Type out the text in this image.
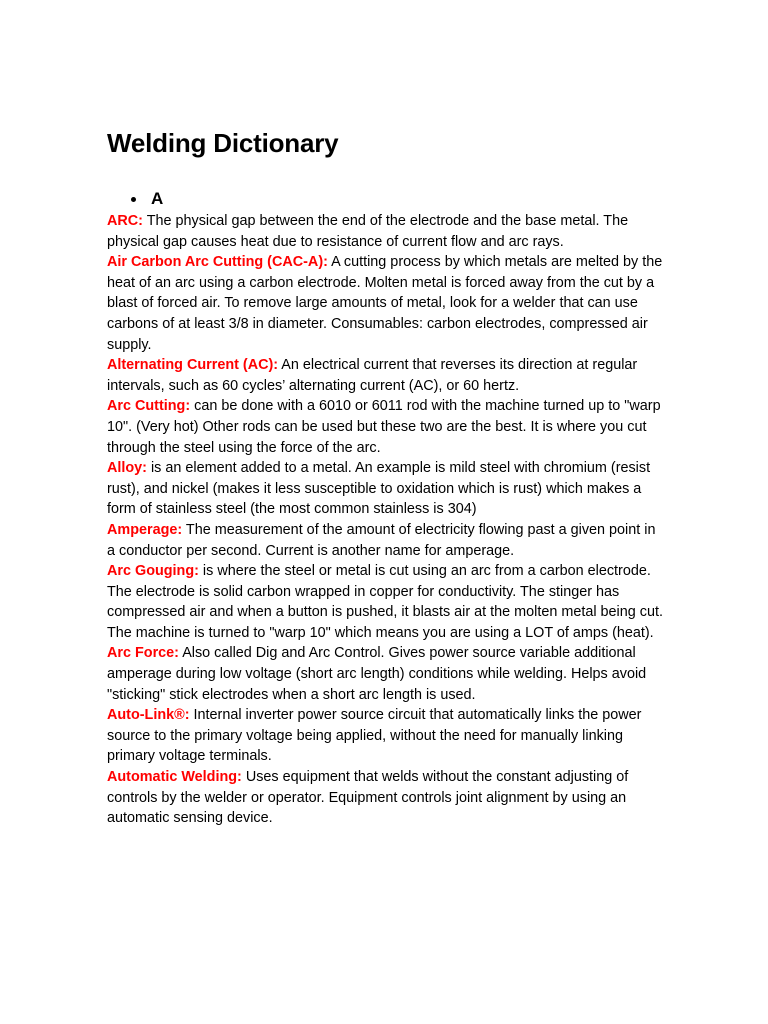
Welding Dictionary
A

ARC: The physical gap between the end of the electrode and the base metal. The physical gap causes heat due to resistance of current flow and arc rays.

Air Carbon Arc Cutting (CAC-A): A cutting process by which metals are melted by the heat of an arc using a carbon electrode. Molten metal is forced away from the cut by a blast of forced air. To remove large amounts of metal, look for a welder that can use carbons of at least 3/8 in diameter. Consumables: carbon electrodes, compressed air supply.

Alternating Current (AC): An electrical current that reverses its direction at regular intervals, such as 60 cycles’ alternating current (AC), or 60 hertz.

Arc Cutting: can be done with a 6010 or 6011 rod with the machine turned up to "warp 10". (Very hot) Other rods can be used but these two are the best. It is where you cut through the steel using the force of the arc.

Alloy: is an element added to a metal. An example is mild steel with chromium (resist rust), and nickel (makes it less susceptible to oxidation which is rust) which makes a form of stainless steel (the most common stainless is 304)

Amperage: The measurement of the amount of electricity flowing past a given point in a conductor per second. Current is another name for amperage.

Arc Gouging: is where the steel or metal is cut using an arc from a carbon electrode. The electrode is solid carbon wrapped in copper for conductivity. The stinger has compressed air and when a button is pushed, it blasts air at the molten metal being cut. The machine is turned to "warp 10" which means you are using a LOT of amps (heat).

Arc Force: Also called Dig and Arc Control. Gives power source variable additional amperage during low voltage (short arc length) conditions while welding. Helps avoid "sticking" stick electrodes when a short arc length is used.

Auto-Link®: Internal inverter power source circuit that automatically links the power source to the primary voltage being applied, without the need for manually linking primary voltage terminals.

Automatic Welding: Uses equipment that welds without the constant adjusting of controls by the welder or operator. Equipment controls joint alignment by using an automatic sensing device.
